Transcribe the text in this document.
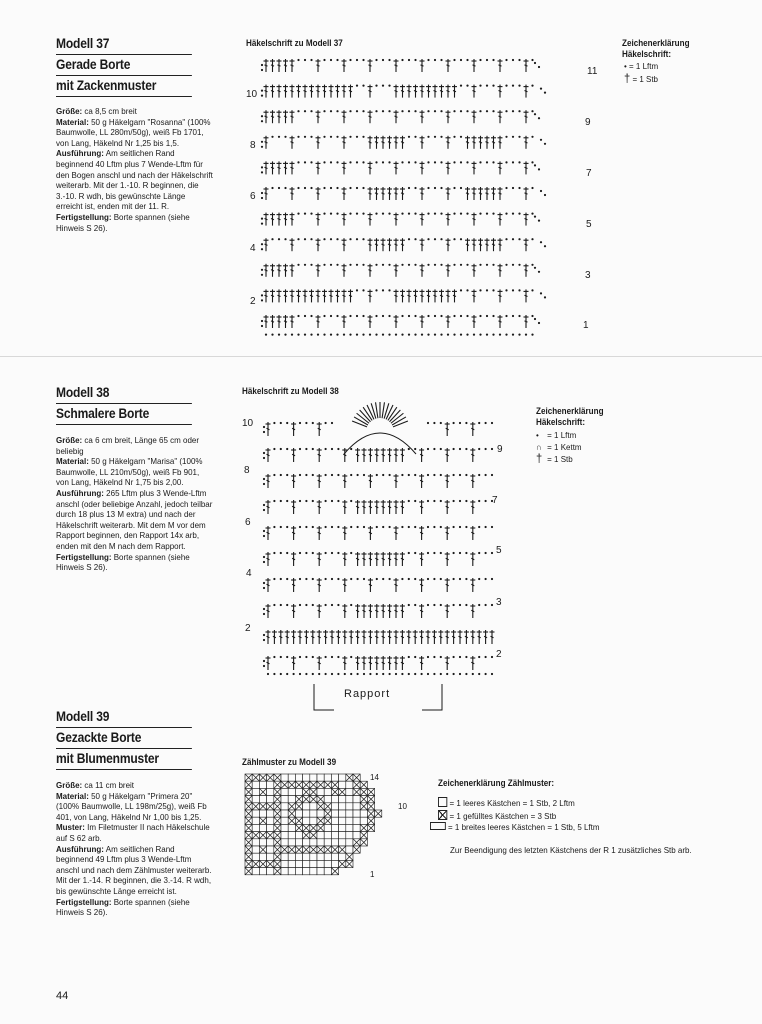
Modell 37
Gerade Borte
mit Zackenmuster
Größe: ca 8,5 cm breit
Material: 50 g Häkelgarn "Rosanna" (100% Baumwolle, LL 280m/50g), weiß Fb 1701, von Lang, Häkelnd Nr 1,25 bis 1,5.
Ausführung: Am seitlichen Rand beginnend 40 Lftm plus 7 Wende-Lftm für den Bogen anschl und nach der Häkelschrift weiterarb. Mit der 1.-10. R beginnen, die 3.-10. R wdh, bis gewünschte Länge erreicht ist, enden mit der 11. R.
Fertigstellung: Borte spannen (siehe Hinweis S 26).
Häkelschrift zu Modell 37	Zeichenerklärung Häkelschrift:
• = 1 Lftm
† = 1 Stb
10
8
6
4
2
11
9
7
5
3
1
Modell 38
Schmalere Borte
Größe: ca 6 cm breit, Länge 65 cm oder beliebig
Material: 50 g Häkelgarn "Marisa" (100% Baumwolle, LL 210m/50g), weiß Fb 901, von Lang, Häkelnd Nr 1,75 bis 2,00.
Ausführung: 265 Lftm plus 3 Wende-Lftm anschl (oder beliebige Anzahl, jedoch teilbar durch 18 plus 13 M extra) und nach der Häkelschrift weiterarb. Mit dem M vor dem Rapport beginnen, den Rapport 14x arb, enden mit den M nach dem Rapport.
Fertigstellung: Borte spannen (siehe Hinweis S 26).
Häkelschrift zu Modell 38
Zeichenerklärung Häkelschrift:
• = 1 Lftm
∩ = 1 Kettm
† = 1 Stb
10
8
6
4
2
9
7
5
3
2
Rapport
Modell 39
Gezackte Borte
mit Blumenmuster
Größe: ca 11 cm breit
Material: 50 g Häkelgarn "Primera 20" (100% Baumwolle, LL 198m/25g), weiß Fb 401, von Lang, Häkelnd Nr 1,00 bis 1,25.
Muster: Im Filetmuster II nach Häkelschule auf S 62 arb.
Ausführung: Am seitlichen Rand beginnend 49 Lftm plus 3 Wende-Lftm anschl und nach dem Zählmuster weiterarb. Mit der 1.-14. R beginnen, die 3.-14. R wdh, bis gewünschte Länge erreicht ist.
Fertigstellung: Borte spannen (siehe Hinweis S 26).
Zählmuster zu Modell 39
14
10
1
Zeichenerklärung Zählmuster:
= 1 leeres Kästchen = 1 Stb, 2 Lftm
= 1 gefülltes Kästchen = 3 Stb
= 1 breites leeres Kästchen = 1 Stb, 5 Lftm
Zur Beendigung des letzten Kästchens der R 1 zusätzliches Stb arb.
44
